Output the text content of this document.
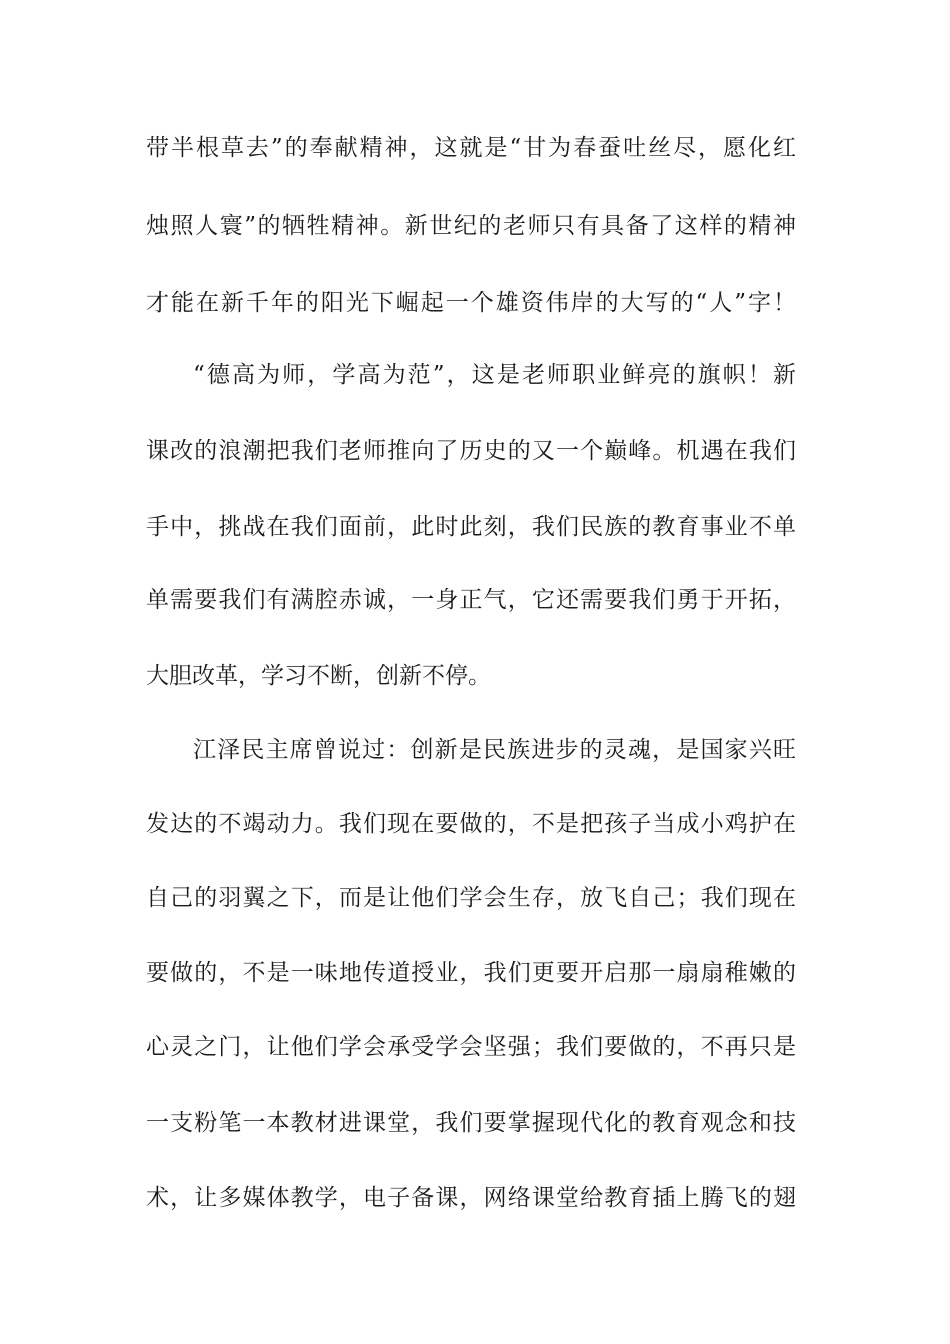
带半根草去”的奉献精神，这就是“甘为春蚕吐丝尽，愿化红
烛照人寰”的牺牲精神。新世纪的老师只有具备了这样的精神
才能在新千年的阳光下崛起一个雄资伟岸的大写的“人”字！
“德高为师，学高为范”，这是老师职业鲜亮的旗帜！新
课改的浪潮把我们老师推向了历史的又一个巅峰。机遇在我们
手中，挑战在我们面前，此时此刻，我们民族的教育事业不单
单需要我们有满腔赤诚，一身正气，它还需要我们勇于开拓，
大胆改革，学习不断，创新不停。
江泽民主席曾说过：创新是民族进步的灵魂，是国家兴旺
发达的不竭动力。我们现在要做的，不是把孩子当成小鸡护在
自己的羽翼之下，而是让他们学会生存，放飞自己；我们现在
要做的，不是一味地传道授业，我们更要开启那一扇扇稚嫩的
心灵之门，让他们学会承受学会坚强；我们要做的，不再只是
一支粉笔一本教材进课堂，我们要掌握现代化的教育观念和技
术，让多媒体教学，电子备课，网络课堂给教育插上腾飞的翅
